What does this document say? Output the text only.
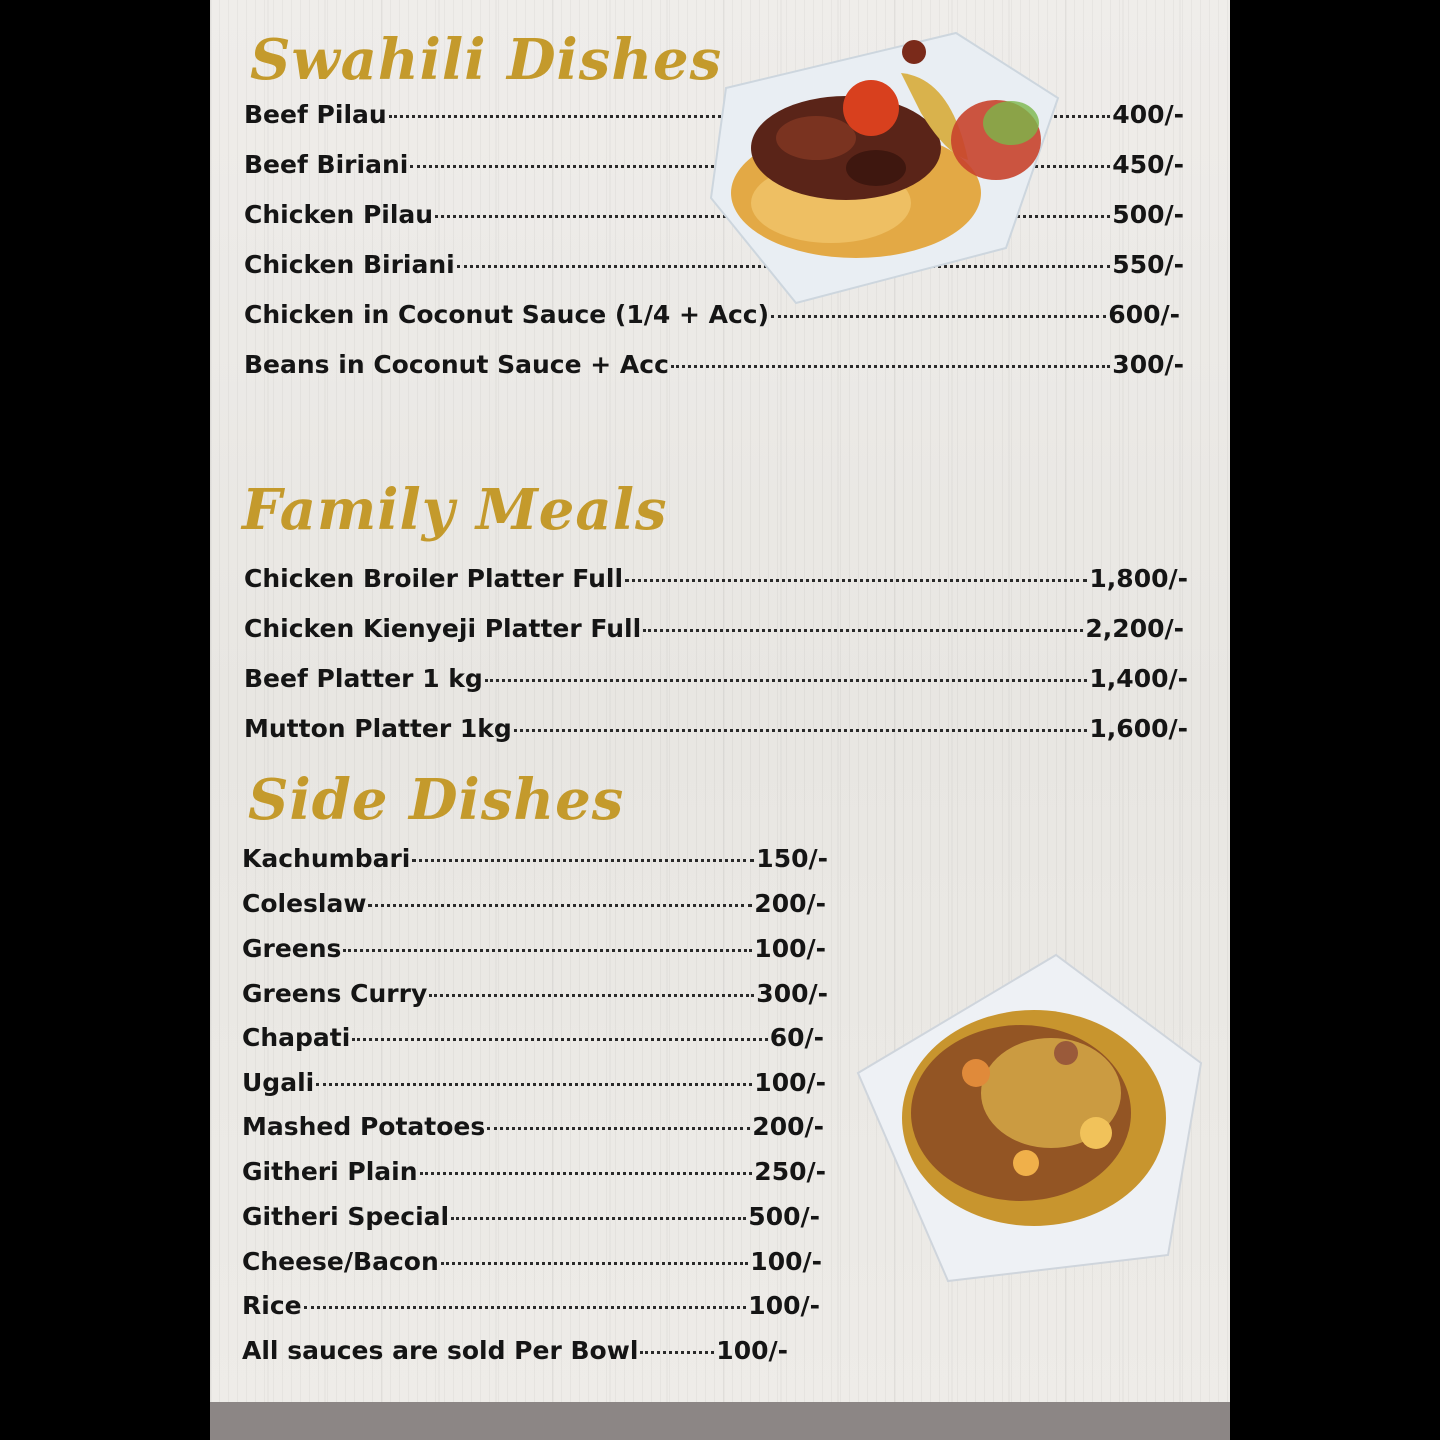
Swahili Dishes
Beef Pilau	400/-
Beef Biriani	450/-
Chicken Pilau	500/-
Chicken Biriani	550/-
Chicken in Coconut Sauce (1/4 + Acc)	600/-
Beans in Coconut Sauce + Acc	300/-
Family Meals
Chicken Broiler Platter Full	1,800/-
Chicken Kienyeji Platter Full	2,200/-
Beef Platter 1 kg	1,400/-
Mutton Platter 1kg	1,600/-
Side Dishes
Kachumbari	150/-
Coleslaw	200/-
Greens	100/-
Greens Curry	300/-
Chapati	60/-
Ugali	100/-
Mashed Potatoes	200/-
Githeri Plain	250/-
Githeri Special	500/-
Cheese/Bacon	100/-
Rice	100/-
All sauces are sold Per Bowl	100/-
